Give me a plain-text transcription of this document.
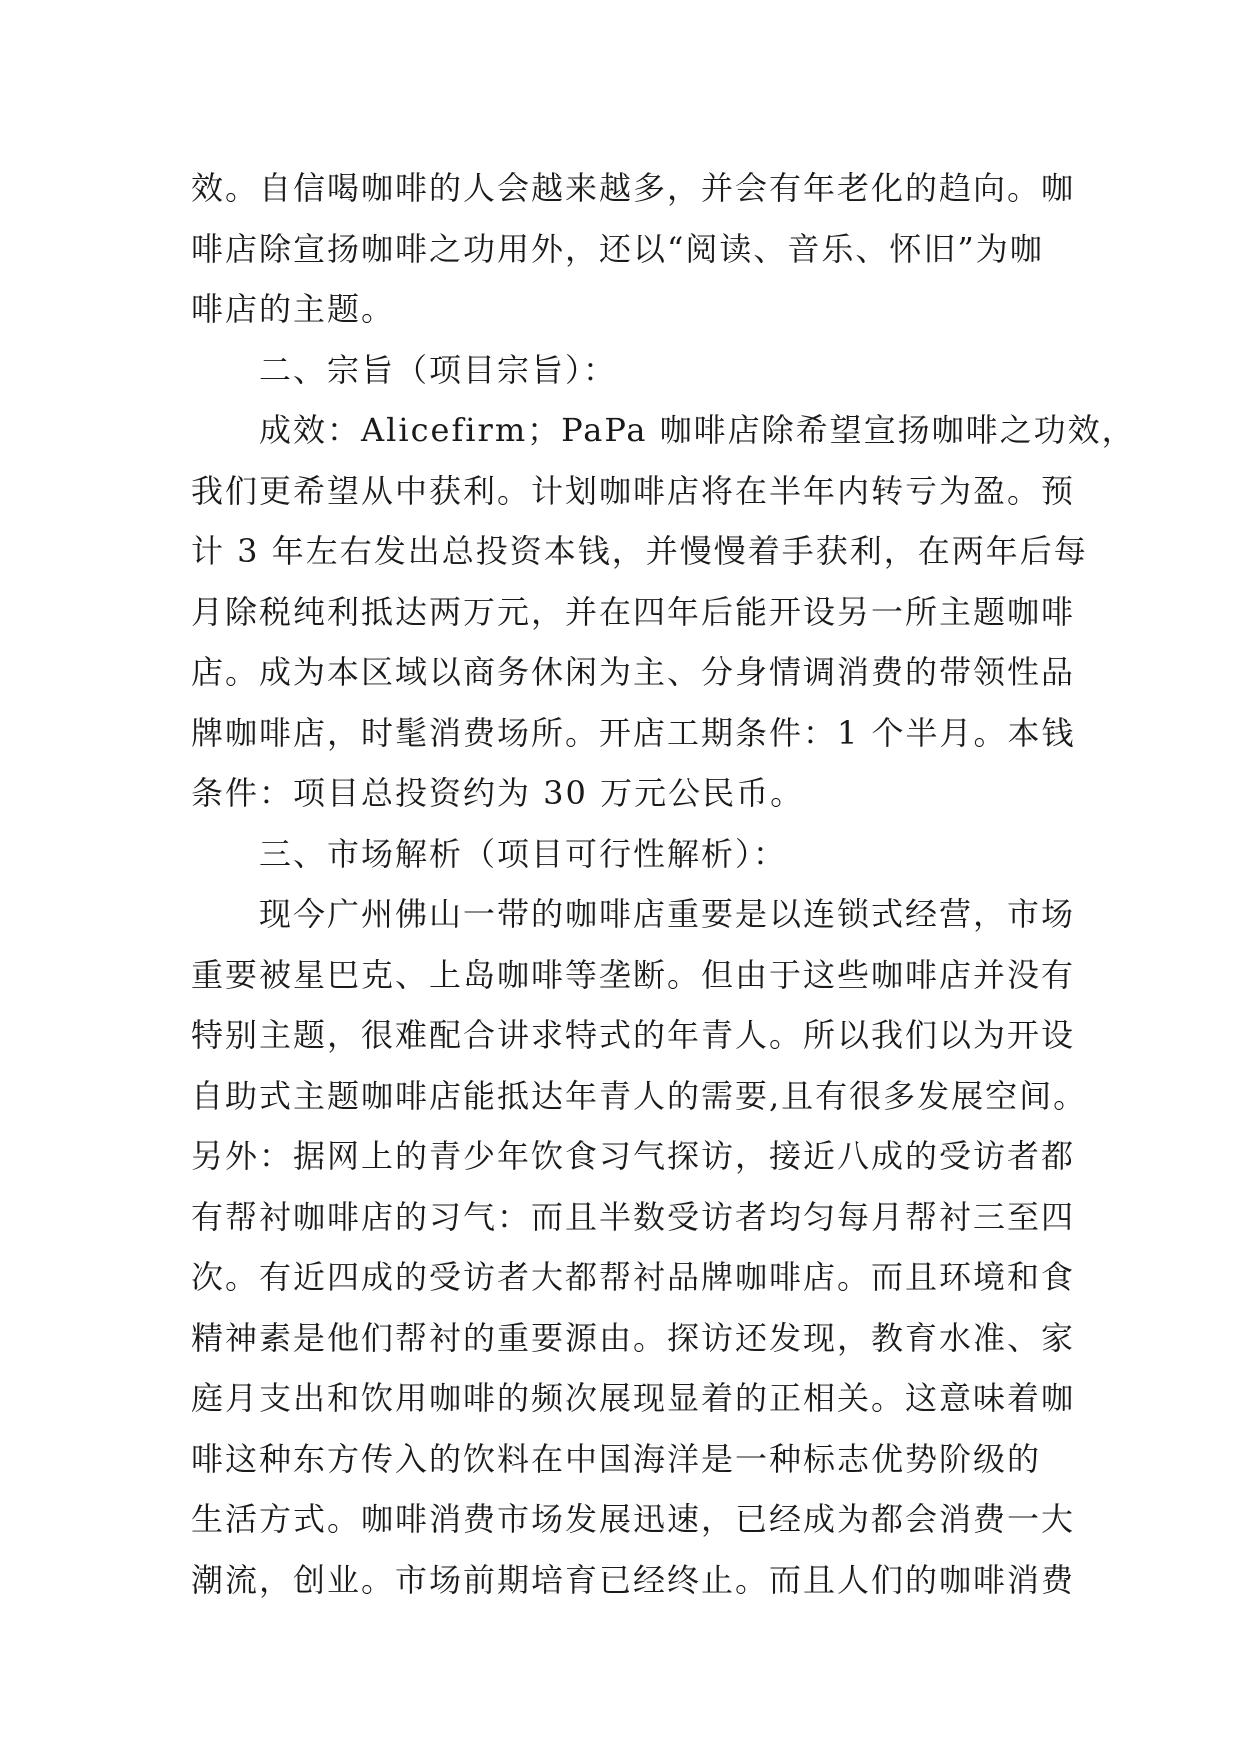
效。自信喝咖啡的人会越来越多，并会有年老化的趋向。咖
啡店除宣扬咖啡之功用外，还以“阅读、音乐、怀旧”为咖
啡店的主题。
　　二、宗旨（项目宗旨）：
　　成效：Alicefirm；PaPa 咖啡店除希望宣扬咖啡之功效，
我们更希望从中获利。计划咖啡店将在半年内转亏为盈。预
计 3 年左右发出总投资本钱，并慢慢着手获利，在两年后每
月除税纯利抵达两万元，并在四年后能开设另一所主题咖啡
店。成为本区域以商务休闲为主、分身情调消费的带领性品
牌咖啡店，时髦消费场所。开店工期条件：1 个半月。本钱
条件：项目总投资约为 30 万元公民币。
　　三、市场解析（项目可行性解析）：
　　现今广州佛山一带的咖啡店重要是以连锁式经营，市场
重要被星巴克、上岛咖啡等垄断。但由于这些咖啡店并没有
特别主题，很难配合讲求特式的年青人。所以我们以为开设
自助式主题咖啡店能抵达年青人的需要,且有很多发展空间。
另外：据网上的青少年饮食习气探访，接近八成的受访者都
有帮衬咖啡店的习气：而且半数受访者均匀每月帮衬三至四
次。有近四成的受访者大都帮衬品牌咖啡店。而且环境和食
精神素是他们帮衬的重要源由。探访还发现，教育水准、家
庭月支出和饮用咖啡的频次展现显着的正相关。这意味着咖
啡这种东方传入的饮料在中国海洋是一种标志优势阶级的
生活方式。咖啡消费市场发展迅速，已经成为都会消费一大
潮流，创业。市场前期培育已经终止。而且人们的咖啡消费
